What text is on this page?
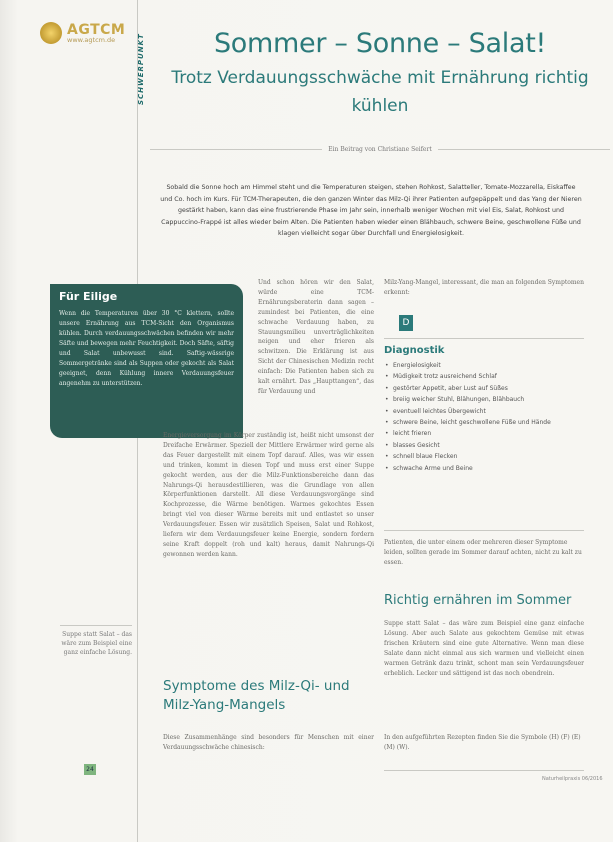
AGTCM
www.agtcm.de	SCHWERPUNKT	Sommer – Sonne – Salat!
Trotz Verdauungsschwäche mit Ernährung richtig kühlen
Ein Beitrag von Christiane Seifert
Sobald die Sonne hoch am Himmel steht und die Temperaturen steigen, stehen Rohkost, Salatteller, Tomate-Mozzarella, Eiskaffee und Co. hoch im Kurs. Für TCM-Therapeuten, die den ganzen Winter das Milz-Qi ihrer Patienten aufgepäppelt und das Yang der Nieren gestärkt haben, kann das eine frustrierende Phase im Jahr sein, innerhalb weniger Wochen mit viel Eis, Salat, Rohkost und Cappuccino-Frappé ist alles wieder beim Alten. Die Patienten haben wieder einen Blähbauch, schwere Beine, geschwollene Füße und klagen vielleicht sogar über Durchfall und Energielosigkeit.
Für Eilige

Wenn die Temperaturen über 30 °C klettern, sollte unsere Ernährung aus TCM-Sicht den Organismus kühlen. Durch verdauungsschwächen befinden wir mehr Säfte und bewegen mehr Feuchtigkeit. Doch Säfte, säftig und Salat unbewusst sind. Saftig-wässrige Sommergetränke sind als Suppen oder gekocht als Salat geeignet, denn Kühlung innere Verdauungsfeuer angenehm zu unterstützen.

Und schon hören wir den Salat, würde eine TCM-Ernährungsberaterin dann sagen – zumindest bei Patienten, die eine schwache Verdauung haben, zu Stauungsmilieu unverträglichkeiten neigen und eher frieren als schwitzen. Die Erklärung ist aus Sicht der Chinesischen Medizin recht einfach: Die Patienten haben sich zu kalt ernährt. Das „Haupttangen“, das für Verdauung und
Energieversorgung im Körper zuständig ist, heißt nicht umsonst der Dreifache Erwärmer. Speziell der Mittlere Erwärmer wird gerne als das Feuer dargestellt mit einem Topf darauf. Alles, was wir essen und trinken, kommt in diesen Topf und muss erst einer Suppe gekocht werden, aus der die Milz-Funktionsbereiche dann das Nahrungs-Qi herausdestillieren, was die Grundlage von allen Körperfunktionen darstellt. All diese Verdauungsvorgänge sind Kochprozesse, die Wärme benötigen. Warmes gekochtes Essen bringt viel von dieser Wärme bereits mit und entlastet so unser Verdauungsfeuer. Essen wir zusätzlich Speisen, Salat und Rohkost, liefern wir dem Verdauungsfeuer keine Energie, sondern fordern seine Kraft doppelt (roh und kalt) heraus, damit Nahrungs-Qi gewonnen werden kann.
Suppe statt Salat – das wäre zum Beispiel eine ganz einfache Lösung.
Symptome des Milz-Qi- und Milz-Yang-Mangels
Diese Zusammenhänge sind besonders für Menschen mit einer Verdauungsschwäche chinesisch:
24
Milz-Yang-Mangel, interessant, die man an folgenden Symptomen erkennt:
D
Diagnostik
• Energielosigkeit
• Müdigkeit trotz ausreichend Schlaf
• gestörter Appetit, aber Lust auf Süßes
• breiig weicher Stuhl, Blähungen, Blähbauch
• eventuell leichtes Übergewicht
• schwere Beine, leicht geschwollene Füße und Hände
• leicht frieren
• blasses Gesicht
• schnell blaue Flecken
• schwache Arme und Beine
Patienten, die unter einem oder mehreren dieser Symptome leiden, sollten gerade im Sommer darauf achten, nicht zu kalt zu essen.
Richtig ernähren im Sommer
Suppe statt Salat – das wäre zum Beispiel eine ganz einfache Lösung. Aber auch Salate aus gekochtem Gemüse mit etwas frischen Kräutern sind eine gute Alternative. Wenn man diese Salate dann nicht einmal aus sich warmen und vielleicht einen warmen Getränk dazu trinkt, schont man sein Verdauungsfeuer erheblich. Lecker und sättigend ist das noch obendrein.
In den aufgeführten Rezepten finden Sie die Symbole (H) (F) (E) (M) (W).
Naturheilpraxis 06/2016
